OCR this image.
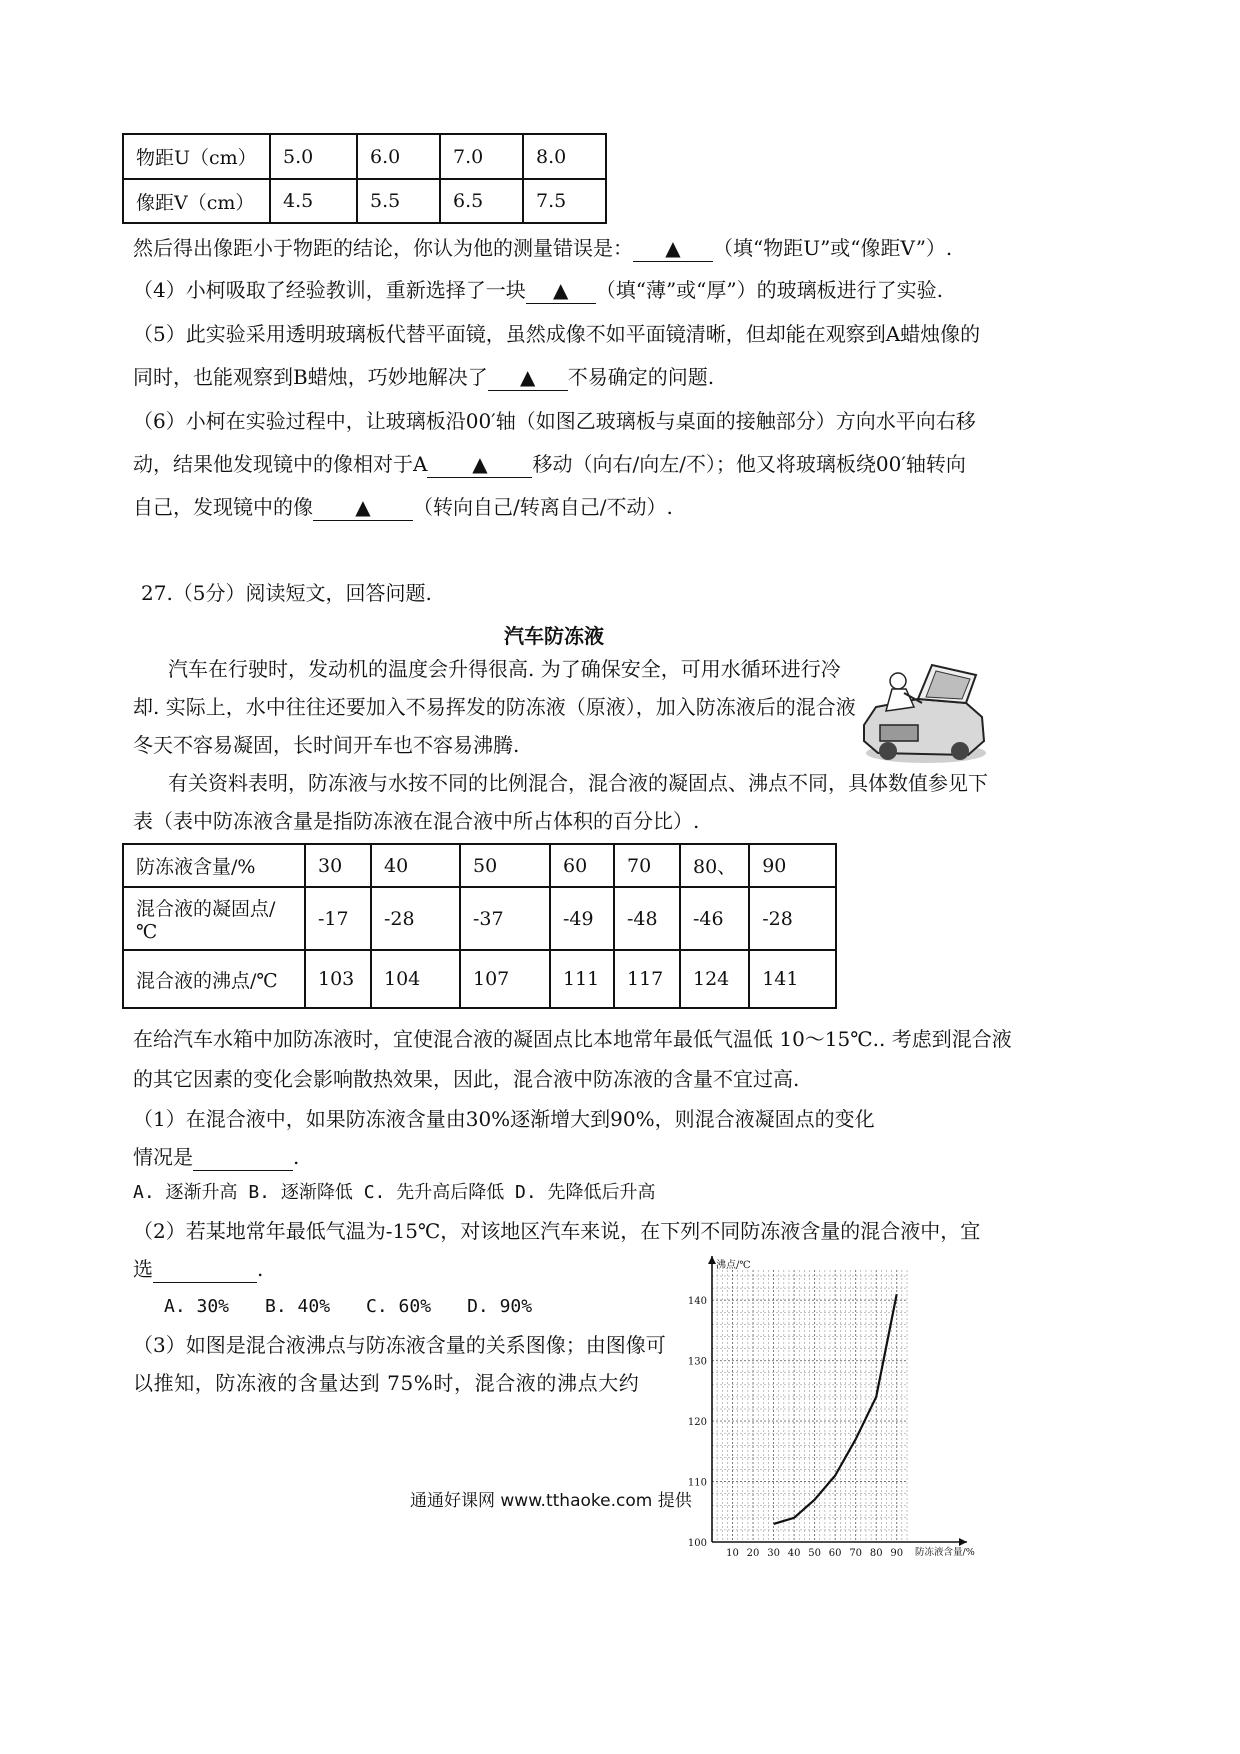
物距U（cm）	5.0	6.0	7.0	8.0
像距V（cm）	4.5	5.5	6.5	7.5
然后得出像距小于物距的结论，你认为他的测量错误是： ▲ （填“物距U”或“像距V”）.
（4）小柯吸取了经验教训，重新选择了一块 ▲ （填“薄”或“厚”）的玻璃板进行了实验.
（5）此实验采用透明玻璃板代替平面镜，虽然成像不如平面镜清晰，但却能在观察到A蜡烛像的
同时，也能观察到B蜡烛，巧妙地解决了 ▲ 不易确定的问题.
（6）小柯在实验过程中，让玻璃板沿00′轴（如图乙玻璃板与桌面的接触部分）方向水平向右移
动，结果他发现镜中的像相对于A ▲ 移动（向右/向左/不）；他又将玻璃板绕00′轴转向
自己，发现镜中的像 ▲ （转向自己/转离自己/不动）.
27.（5分）阅读短文，回答问题.
汽车防冻液
汽车在行驶时，发动机的温度会升得很高. 为了确保安全，可用水循环进行冷
却. 实际上，水中往往还要加入不易挥发的防冻液（原液），加入防冻液后的混合液
冬天不容易凝固，长时间开车也不容易沸腾.
有关资料表明，防冻液与水按不同的比例混合，混合液的凝固点、沸点不同，具体数值参见下
表（表中防冻液含量是指防冻液在混合液中所占体积的百分比）.
防冻液含量/%	30	40	50	60	70	80、	90
混合液的凝固点/℃	-17	-28	-37	-49	-48	-46	-28
混合液的沸点/℃	103	104	107	111	117	124	141
在给汽车水箱中加防冻液时，宜使混合液的凝固点比本地常年最低气温低 10～15℃.. 考虑到混合液
的其它因素的变化会影响散热效果，因此，混合液中防冻液的含量不宜过高.
（1）在混合液中，如果防冻液含量由30%逐渐增大到90%，则混合液凝固点的变化
情况是	.
A. 逐渐升高 B. 逐渐降低 C. 先升高后降低 D. 先降低后升高
（2）若某地常年最低气温为-15℃，对该地区汽车来说，在下列不同防冻液含量的混合液中，宜
选	.
A. 30%　　B. 40%　　C. 60%　　D. 90%
（3）如图是混合液沸点与防冻液含量的关系图像；由图像可
以推知，防冻液的含量达到 75%时，混合液的沸点大约
通通好课网 www.tthaoke.com 提供
10 20 30 40 50 60 70 80 90
100
110
120
130
140
沸点/℃
防冻液含量/%
